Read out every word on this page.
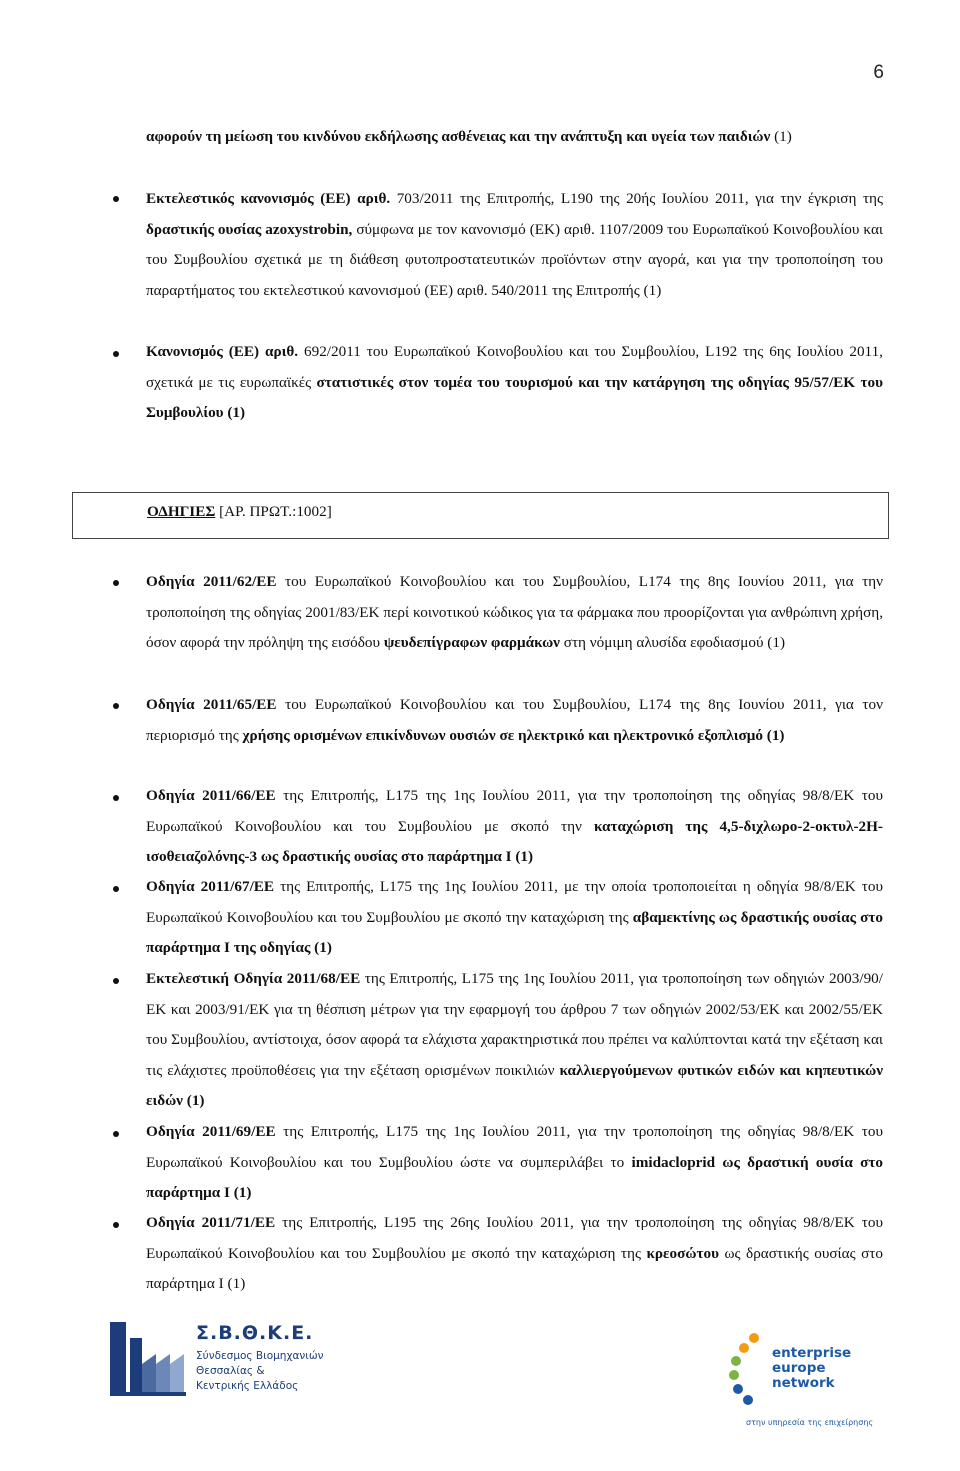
6
αφορούν τη μείωση του κινδύνου εκδήλωσης ασθένειας και την ανάπτυξη και υγεία των παιδιών (1)
Εκτελεστικός κανονισμός (ΕΕ) αριθ. 703/2011 της Επιτροπής, L190 της 20ής Ιουλίου 2011, για την έγκριση της δραστικής ουσίας azoxystrobin, σύμφωνα με τον κανονισμό (ΕΚ) αριθ. 1107/2009 του Ευρωπαϊκού Κοινοβουλίου και του Συμβουλίου σχετικά με τη διάθεση φυτοπροστατευτικών προϊόντων στην αγορά, και για την τροποποίηση του παραρτήματος του εκτελεστικού κανονισμού (ΕΕ) αριθ. 540/2011 της Επιτροπής (1)
Κανονισμός (ΕΕ) αριθ. 692/2011 του Ευρωπαϊκού Κοινοβουλίου και του Συμβουλίου, L192 της 6ης Ιουλίου 2011, σχετικά με τις ευρωπαϊκές στατιστικές στον τομέα του τουρισμού και την κατάργηση της οδηγίας 95/57/ΕΚ του Συμβουλίου (1)
ΟΔΗΓΙΕΣ [ΑΡ. ΠΡΩΤ.:1002]
Οδηγία 2011/62/ΕΕ του Ευρωπαϊκού Κοινοβουλίου και του Συμβουλίου, L174 της 8ης Ιουνίου 2011, για την τροποποίηση της οδηγίας 2001/83/ΕΚ περί κοινοτικού κώδικος για τα φάρμακα που προορίζονται για ανθρώπινη χρήση, όσον αφορά την πρόληψη της εισόδου ψευδεπίγραφων φαρμάκων στη νόμιμη αλυσίδα εφοδιασμού (1)
Οδηγία 2011/65/ΕΕ του Ευρωπαϊκού Κοινοβουλίου και του Συμβουλίου, L174 της 8ης Ιουνίου 2011, για τον περιορισμό της χρήσης ορισμένων επικίνδυνων ουσιών σε ηλεκτρικό και ηλεκτρονικό εξοπλισμό (1)
Οδηγία 2011/66/ΕΕ της Επιτροπής, L175 της 1ης Ιουλίου 2011, για την τροποποίηση της οδηγίας 98/8/ΕΚ του Ευρωπαϊκού Κοινοβουλίου και του Συμβουλίου με σκοπό την καταχώριση της 4,5-διχλωρο-2-οκτυλ-2Η-ισοθειαζολόνης-3 ως δραστικής ουσίας στο παράρτημα I (1)
Οδηγία 2011/67/ΕΕ της Επιτροπής, L175 της 1ης Ιουλίου 2011, με την οποία τροποποιείται η οδηγία 98/8/ΕΚ του Ευρωπαϊκού Κοινοβουλίου και του Συμβουλίου με σκοπό την καταχώριση της αβαμεκτίνης ως δραστικής ουσίας στο παράρτημα I της οδηγίας (1)
Εκτελεστική Οδηγία 2011/68/ΕΕ της Επιτροπής, L175 της 1ης Ιουλίου 2011, για τροποποίηση των οδηγιών 2003/90/ΕΚ και 2003/91/ΕΚ για τη θέσπιση μέτρων για την εφαρμογή του άρθρου 7 των οδηγιών 2002/53/ΕΚ και 2002/55/ΕΚ του Συμβουλίου, αντίστοιχα, όσον αφορά τα ελάχιστα χαρακτηριστικά που πρέπει να καλύπτονται κατά την εξέταση και τις ελάχιστες προϋποθέσεις για την εξέταση ορισμένων ποικιλιών καλλιεργούμενων φυτικών ειδών και κηπευτικών ειδών (1)
Οδηγία 2011/69/ΕΕ της Επιτροπής, L175 της 1ης Ιουλίου 2011, για την τροποποίηση της οδηγίας 98/8/ΕΚ του Ευρωπαϊκού Κοινοβουλίου και του Συμβουλίου ώστε να συμπεριλάβει το imidacloprid ως δραστική ουσία στο παράρτημα I (1)
Οδηγία 2011/71/ΕΕ της Επιτροπής, L195 της 26ης Ιουλίου 2011, για την τροποποίηση της οδηγίας 98/8/ΕΚ του Ευρωπαϊκού Κοινοβουλίου και του Συμβουλίου με σκοπό την καταχώριση της κρεοσώτου ως δραστικής ουσίας στο παράρτημα I (1)
Σ.Β.Θ.Κ.Ε.
Σύνδεσμος Βιομηχανιών
Θεσσαλίας &
Κεντρικής Ελλάδος
enterprise
europe
network
στην υπηρεσία της επιχείρησης
